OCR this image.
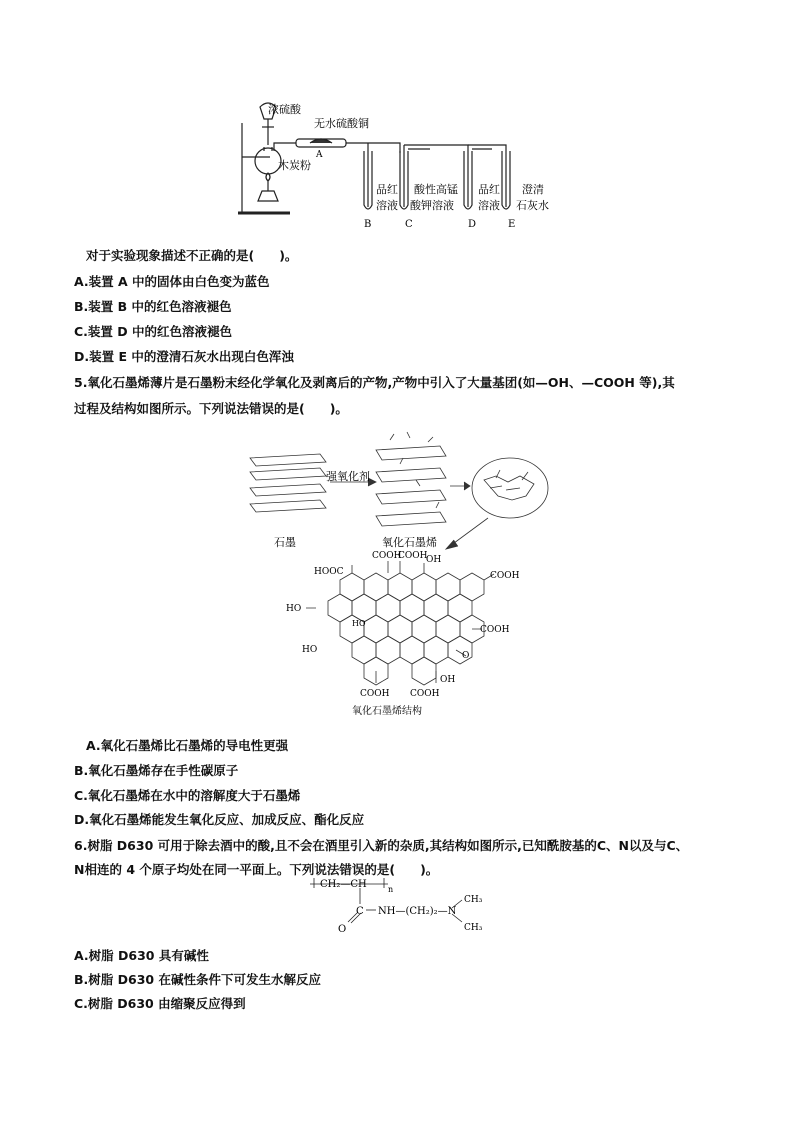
浓硫酸
无水硫酸铜
A
木炭粉
品红
溶液
酸性高锰
酸钾溶液
品红
溶液
澄清
石灰水
B	C	D	E
对于实验现象描述不正确的是(　　)。
A.装置 A 中的固体由白色变为蓝色
B.装置 B 中的红色溶液褪色
C.装置 D 中的红色溶液褪色
D.装置 E 中的澄清石灰水出现白色浑浊
5.氧化石墨烯薄片是石墨粉末经化学氧化及剥离后的产物,产物中引入了大量基团(如—OH、—COOH 等),其
过程及结构如图所示。下列说法错误的是(　　)。
强氧化剂
石墨	氧化石墨烯
HOOC
COOH
COOH
OH
COOH
HO
COOH
HO
HO
O
OH
COOH COOH
氧化石墨烯结构
A.氧化石墨烯比石墨烯的导电性更强
B.氧化石墨烯存在手性碳原子
C.氧化石墨烯在水中的溶解度大于石墨烯
D.氧化石墨烯能发生氧化反应、加成反应、酯化反应
6.树脂 D630 可用于除去酒中的酸,且不会在酒里引入新的杂质,其结构如图所示,已知酰胺基的C、N以及与C、
N相连的 4 个原子均处在同一平面上。下列说法错误的是(　　)。
CH₂—CH	n
C
O
NH—(CH₂)₂—N
CH₃
CH₃
A.树脂 D630 具有碱性
B.树脂 D630 在碱性条件下可发生水解反应
C.树脂 D630 由缩聚反应得到
